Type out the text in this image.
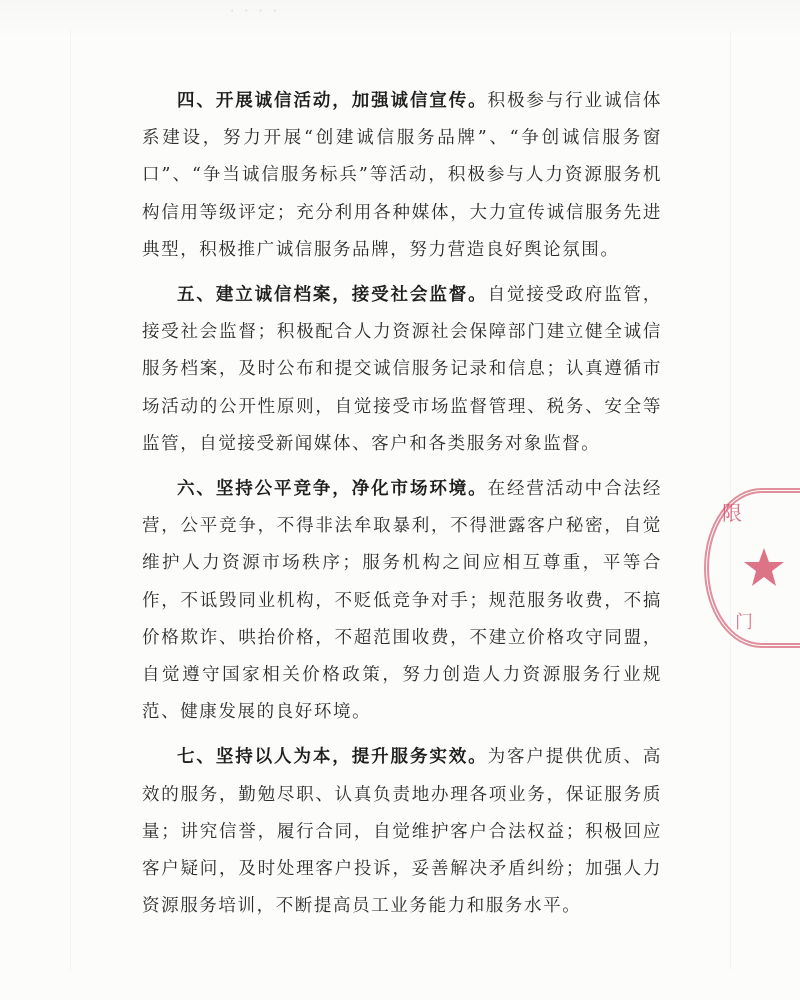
· · · ·

四、开展诚信活动，加强诚信宣传。积极参与行业诚信体系建设，努力开展“创建诚信服务品牌”、“争创诚信服务窗口”、“争当诚信服务标兵”等活动，积极参与人力资源服务机构信用等级评定；充分利用各种媒体，大力宣传诚信服务先进典型，积极推广诚信服务品牌，努力营造良好舆论氛围。

五、建立诚信档案，接受社会监督。自觉接受政府监管，接受社会监督；积极配合人力资源社会保障部门建立健全诚信服务档案，及时公布和提交诚信服务记录和信息；认真遵循市场活动的公开性原则，自觉接受市场监督管理、税务、安全等监管，自觉接受新闻媒体、客户和各类服务对象监督。

六、坚持公平竞争，净化市场环境。在经营活动中合法经营，公平竞争，不得非法牟取暴利，不得泄露客户秘密，自觉维护人力资源市场秩序；服务机构之间应相互尊重，平等合作，不诋毁同业机构，不贬低竞争对手；规范服务收费，不搞价格欺诈、哄抬价格，不超范围收费，不建立价格攻守同盟，自觉遵守国家相关价格政策，努力创造人力资源服务行业规范、健康发展的良好环境。

七、坚持以人为本，提升服务实效。为客户提供优质、高效的服务，勤勉尽职、认真负责地办理各项业务，保证服务质量；讲究信誉，履行合同，自觉维护客户合法权益；积极回应客户疑问，及时处理客户投诉，妥善解决矛盾纠纷；加强人力资源服务培训，不断提高员工业务能力和服务水平。

限
门
